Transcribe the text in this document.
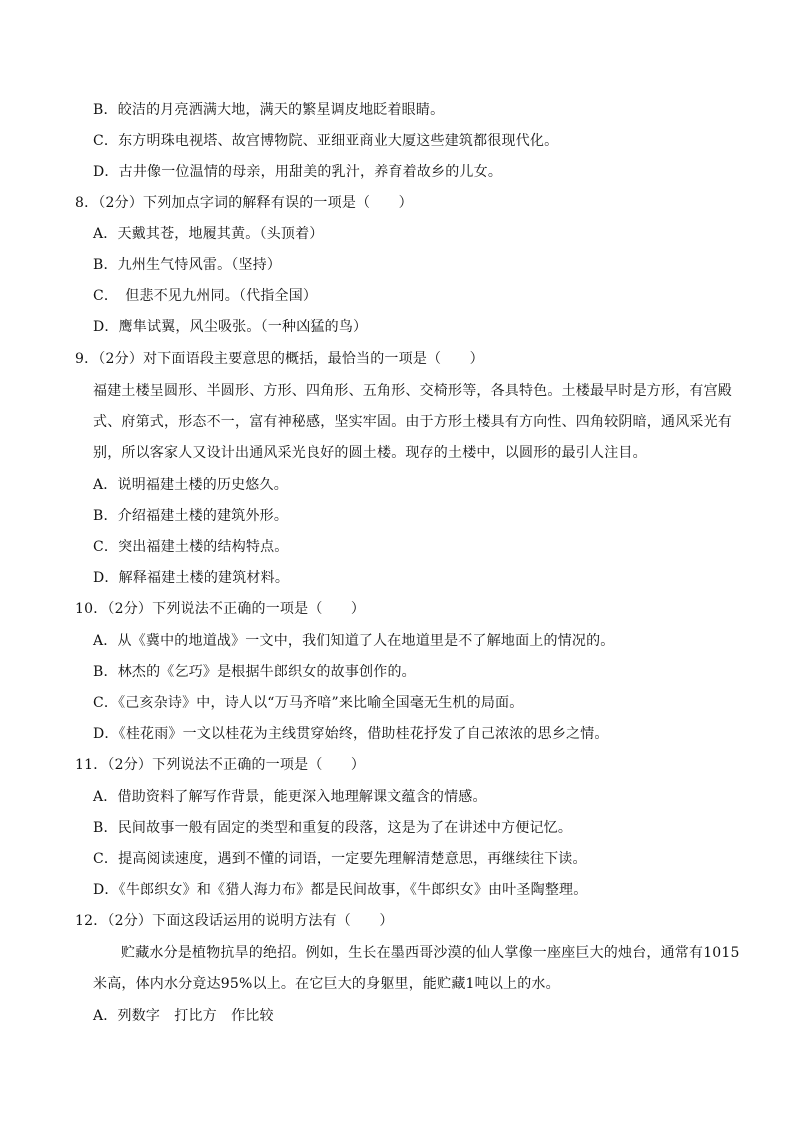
B．皎洁的月亮洒满大地，满天的繁星调皮地眨着眼睛。
C．东方明珠电视塔、故宫博物院、亚细亚商业大厦这些建筑都很现代化。
D．古井像一位温情的母亲，用甜美的乳汁，养育着故乡的儿女。
8．（2分）下列加点字词的解释有误的一项是（　　）
A．天戴其苍，地履其黄。（头顶着）
B．九州生气恃风雷。（坚持）
C．　但悲不见九州同。（代指全国）
D．鹰隼试翼，风尘吸张。（一种凶猛的鸟）
9．（2分）对下面语段主要意思的概括，最恰当的一项是（　　）
福建土楼呈圆形、半圆形、方形、四角形、五角形、交椅形等，各具特色。土楼最早时是方形，有宫殿
式、府第式，形态不一，富有神秘感，坚实牢固。由于方形土楼具有方向性、四角较阴暗，通风采光有
别，所以客家人又设计出通风采光良好的圆土楼。现存的土楼中，以圆形的最引人注目。
A．说明福建土楼的历史悠久。
B．介绍福建土楼的建筑外形。
C．突出福建土楼的结构特点。
D．解释福建土楼的建筑材料。
10．（2分）下列说法不正确的一项是（　　）
A．从《冀中的地道战》一文中，我们知道了人在地道里是不了解地面上的情况的。
B．林杰的《乞巧》是根据牛郎织女的故事创作的。
C．《己亥杂诗》中，诗人以“万马齐喑”来比喻全国毫无生机的局面。
D．《桂花雨》一文以桂花为主线贯穿始终，借助桂花抒发了自己浓浓的思乡之情。
11．（2分）下列说法不正确的一项是（　　）
A．借助资料了解写作背景，能更深入地理解课文蕴含的情感。
B．民间故事一般有固定的类型和重复的段落，这是为了在讲述中方便记忆。
C．提高阅读速度，遇到不懂的词语，一定要先理解清楚意思，再继续往下读。
D．《牛郎织女》和《猎人海力布》都是民间故事，《牛郎织女》由叶圣陶整理。
12．（2分）下面这段话运用的说明方法有（　　）
贮藏水分是植物抗旱的绝招。例如，生长在墨西哥沙漠的仙人掌像一座座巨大的烛台，通常有1015
米高，体内水分竟达95%以上。在它巨大的身躯里，能贮藏1吨以上的水。
A．列数字　打比方　作比较
